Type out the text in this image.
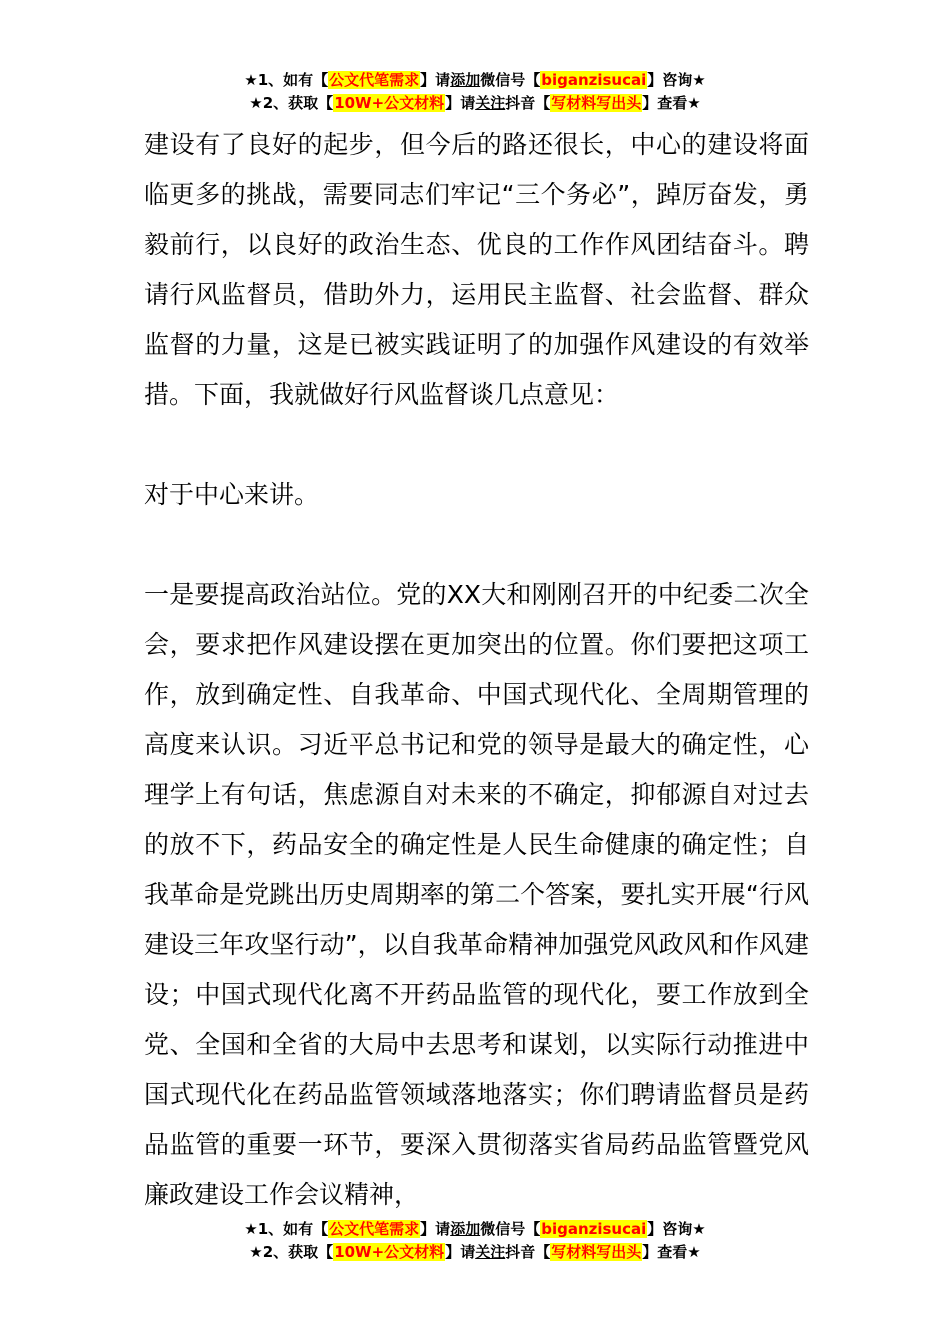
★1、如有【公文代笔需求】请添加微信号【biganzisucai】咨询★
★2、获取【10W+公文材料】请关注抖音【写材料写出头】查看★

建设有了良好的起步，但今后的路还很长，中心的建设将面临更多的挑战，需要同志们牢记“三个务必”，踔厉奋发，勇毅前行，以良好的政治生态、优良的工作作风团结奋斗。聘请行风监督员，借助外力，运用民主监督、社会监督、群众监督的力量，这是已被实践证明了的加强作风建设的有效举措。下面，我就做好行风监督谈几点意见：

对于中心来讲。

一是要提高政治站位。党的XX大和刚刚召开的中纪委二次全会，要求把作风建设摆在更加突出的位置。你们要把这项工作，放到确定性、自我革命、中国式现代化、全周期管理的高度来认识。习近平总书记和党的领导是最大的确定性，心理学上有句话，焦虑源自对未来的不确定，抑郁源自对过去的放不下，药品安全的确定性是人民生命健康的确定性；自我革命是党跳出历史周期率的第二个答案，要扎实开展“行风建设三年攻坚行动”，以自我革命精神加强党风政风和作风建设；中国式现代化离不开药品监管的现代化，要工作放到全党、全国和全省的大局中去思考和谋划，以实际行动推进中国式现代化在药品监管领域落地落实；你们聘请监督员是药品监管的重要一环节，要深入贯彻落实省局药品监管暨党风廉政建设工作会议精神，

★1、如有【公文代笔需求】请添加微信号【biganzisucai】咨询★
★2、获取【10W+公文材料】请关注抖音【写材料写出头】查看★
